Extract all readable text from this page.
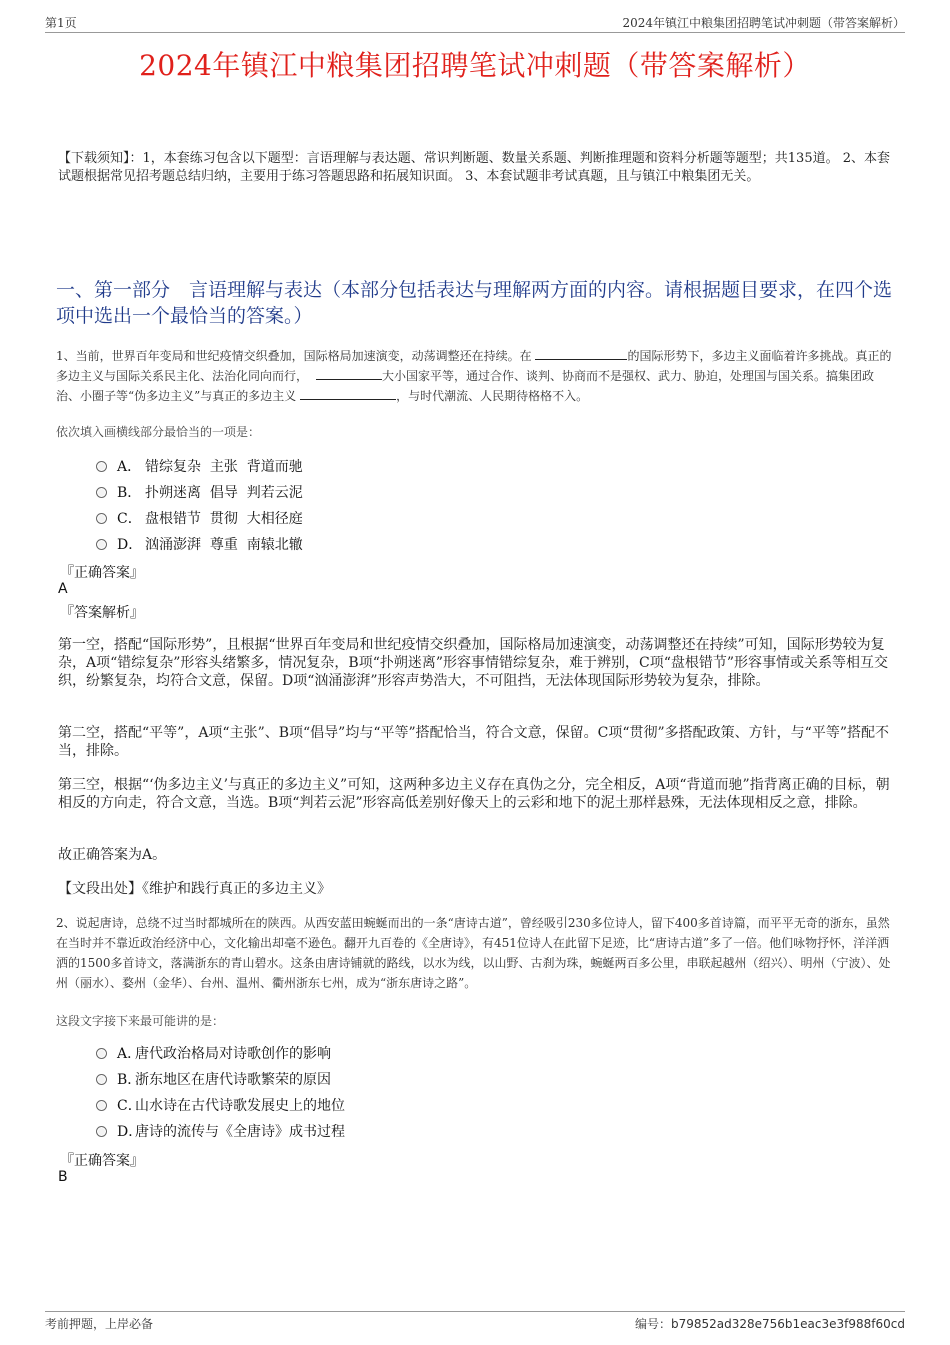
第1页	2024年镇江中粮集团招聘笔试冲刺题（带答案解析）
2024年镇江中粮集团招聘笔试冲刺题（带答案解析）
【下载须知】：1，本套练习包含以下题型：言语理解与表达题、常识判断题、数量关系题、判断推理题和资料分析题等题型；共135道。 2、本套试题根据常见招考题总结归纳，主要用于练习答题思路和拓展知识面。 3、本套试题非考试真题，且与镇江中粮集团无关。
一、第一部分　言语理解与表达（本部分包括表达与理解两方面的内容。请根据题目要求，在四个选项中选出一个最恰当的答案。）
1、当前，世界百年变局和世纪疫情交织叠加，国际格局加速演变，动荡调整还在持续。在	的国际形势下，多边主义面临着许多挑战。真正的多边主义与国际关系民主化、法治化同向而行，	大小国家平等，通过合作、谈判、协商而不是强权、武力、胁迫，处理国与国关系。搞集团政治、小圈子等“伪多边主义”与真正的多边主义	，与时代潮流、人民期待格格不入。
依次填入画横线部分最恰当的一项是：
A． 错综复杂  主张  背道而驰
B． 扑朔迷离  倡导  判若云泥
C． 盘根错节  贯彻  大相径庭
D． 汹涌澎湃  尊重  南辕北辙
『正确答案』
A
『答案解析』
第一空，搭配“国际形势”，且根据“世界百年变局和世纪疫情交织叠加，国际格局加速演变，动荡调整还在持续”可知，国际形势较为复杂，A项“错综复杂”形容头绪繁多，情况复杂，B项“扑朔迷离”形容事情错综复杂，难于辨别，C项“盘根错节”形容事情或关系等相互交织，纷繁复杂，均符合文意，保留。D项“汹涌澎湃”形容声势浩大，不可阻挡，无法体现国际形势较为复杂，排除。
第二空，搭配“平等”，A项“主张”、B项“倡导”均与“平等”搭配恰当，符合文意，保留。C项“贯彻”多搭配政策、方针，与“平等”搭配不当，排除。
第三空，根据“‘伪多边主义’与真正的多边主义”可知，这两种多边主义存在真伪之分，完全相反，A项“背道而驰”指背离正确的目标，朝相反的方向走，符合文意，当选。B项“判若云泥”形容高低差别好像天上的云彩和地下的泥土那样悬殊，无法体现相反之意，排除。
故正确答案为A。
【文段出处】《维护和践行真正的多边主义》
2、说起唐诗，总绕不过当时都城所在的陕西。从西安蓝田蜿蜒而出的一条“唐诗古道”，曾经吸引230多位诗人，留下400多首诗篇，而平平无奇的浙东，虽然在当时并不靠近政治经济中心，文化输出却毫不逊色。翻开九百卷的《全唐诗》，有451位诗人在此留下足迹，比“唐诗古道”多了一倍。他们咏物抒怀，洋洋洒洒的1500多首诗文，落满浙东的青山碧水。这条由唐诗铺就的路线，以水为线，以山野、古刹为珠，蜿蜒两百多公里，串联起越州（绍兴）、明州（宁波）、处州（丽水）、婺州（金华）、台州、温州、衢州浙东七州，成为“浙东唐诗之路”。
这段文字接下来最可能讲的是：
A．
唐代政治格局对诗歌创作的影响
B．
浙东地区在唐代诗歌繁荣的原因
C．
山水诗在古代诗歌发展史上的地位
D．
唐诗的流传与《全唐诗》成书过程
『正确答案』
B
考前押题，上岸必备	编号：b79852ad328e756b1eac3e3f988f60cd
